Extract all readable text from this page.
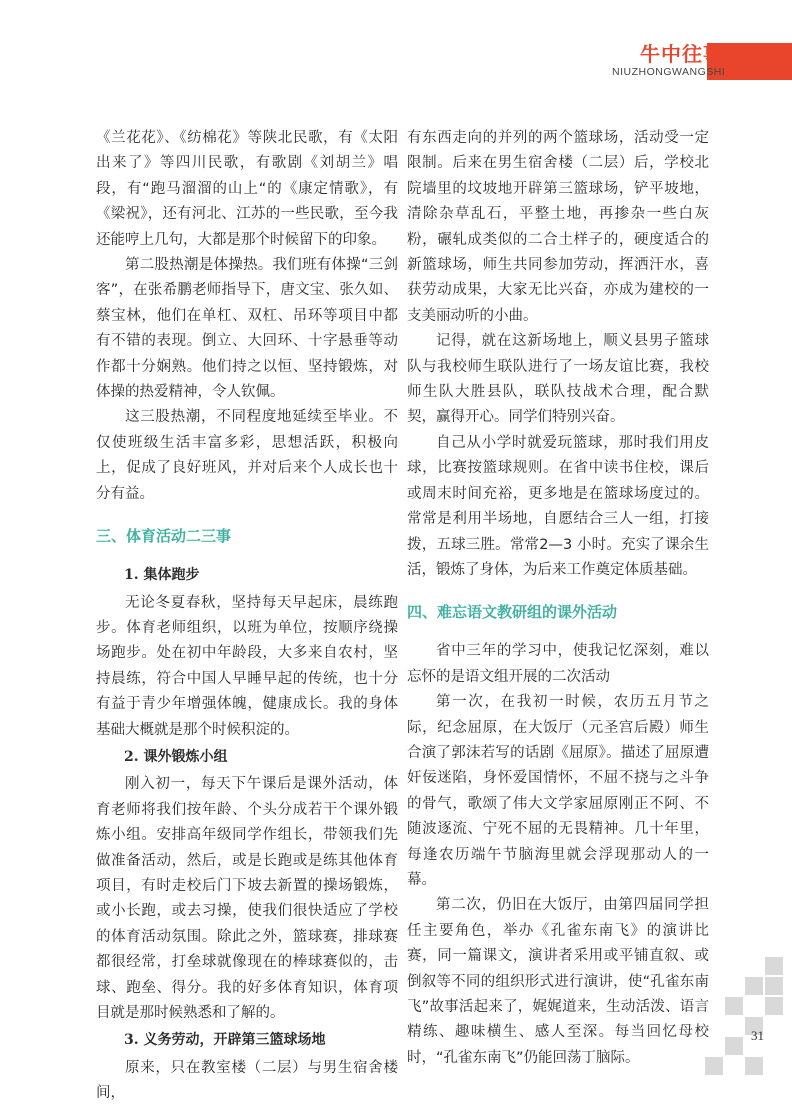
牛中往事
NIUZHONGWANGSHI

《兰花花》、《纺棉花》等陕北民歌，有《太阳出来了》等四川民歌，有歌剧《刘胡兰》唱段，有“跑马溜溜的山上“的《康定情歌》，有《梁祝》，还有河北、江苏的一些民歌，至今我还能哼上几句，大都是那个时候留下的印象。

第二股热潮是体操热。我们班有体操“三剑客”，在张希鹏老师指导下，唐文宝、张久如、蔡宝林，他们在单杠、双杠、吊环等项目中都有不错的表现。倒立、大回环、十字悬垂等动作都十分娴熟。他们持之以恒、坚持锻炼，对体操的热爱精神，令人钦佩。

这三股热潮，不同程度地延续至毕业。不仅使班级生活丰富多彩，思想活跃，积极向上，促成了良好班风，并对后来个人成长也十分有益。

三、体育活动二三事
1. 集体跑步

无论冬夏春秋，坚持每天早起床，晨练跑步。体育老师组织，以班为单位，按顺序绕操场跑步。处在初中年龄段，大多来自农村，坚持晨练，符合中国人早睡早起的传统，也十分有益于青少年增强体魄，健康成长。我的身体基础大概就是那个时候积淀的。

2. 课外锻炼小组

刚入初一，每天下午课后是课外活动，体育老师将我们按年龄、个头分成若干个课外锻炼小组。安排高年级同学作组长，带领我们先做准备活动，然后，或是长跑或是练其他体育项目，有时走校后门下坡去新置的操场锻炼，或小长跑，或去习操，使我们很快适应了学校的体育活动氛围。除此之外，篮球赛，排球赛都很经常，打垒球就像现在的棒球赛似的，击球、跑垒、得分。我的好多体育知识，体育项目就是那时候熟悉和了解的。

3. 义务劳动，开辟第三篮球场地

原来，只在教室楼（二层）与男生宿舍楼间，

有东西走向的并列的两个篮球场，活动受一定限制。后来在男生宿舍楼（二层）后，学校北院墙里的坟坡地开辟第三篮球场，铲平坡地，清除杂草乱石，平整土地，再掺杂一些白灰粉，碾轧成类似的二合土样子的，硬度适合的新篮球场，师生共同参加劳动，挥洒汗水，喜获劳动成果，大家无比兴奋，亦成为建校的一支美丽动听的小曲。

记得，就在这新场地上，顺义县男子篮球队与我校师生联队进行了一场友谊比赛，我校师生队大胜县队，联队技战术合理，配合默契，赢得开心。同学们特别兴奋。

自己从小学时就爱玩篮球，那时我们用皮球，比赛按篮球规则。在省中读书住校，课后或周末时间充裕，更多地是在篮球场度过的。常常是利用半场地，自愿结合三人一组，打接拨，五球三胜。常常2—3 小时。充实了课余生活，锻炼了身体，为后来工作奠定体质基础。

四、难忘语文教研组的课外活动

省中三年的学习中，使我记忆深刻，难以忘怀的是语文组开展的二次活动

第一次，在我初一时候，农历五月节之际，纪念屈原，在大饭厅（元圣宫后殿）师生合演了郭沫若写的话剧《屈原》。描述了屈原遭奸佞迷陷，身怀爱国情怀，不屈不挠与之斗争的骨气，歌颂了伟大文学家屈原刚正不阿、不随波逐流、宁死不屈的无畏精神。几十年里，每逢农历端午节脑海里就会浮现那动人的一幕。

第二次，仍旧在大饭厅，由第四届同学担任主要角色，举办《孔雀东南飞》的演讲比赛，同一篇课文，演讲者采用或平铺直叙、或倒叙等不同的组织形式进行演讲，使“孔雀东南飞”故事活起来了，娓娓道来，生动活泼、语言精练、趣味横生、感人至深。每当回忆母校时，“孔雀东南飞”仍能回荡丁脑际。

31
